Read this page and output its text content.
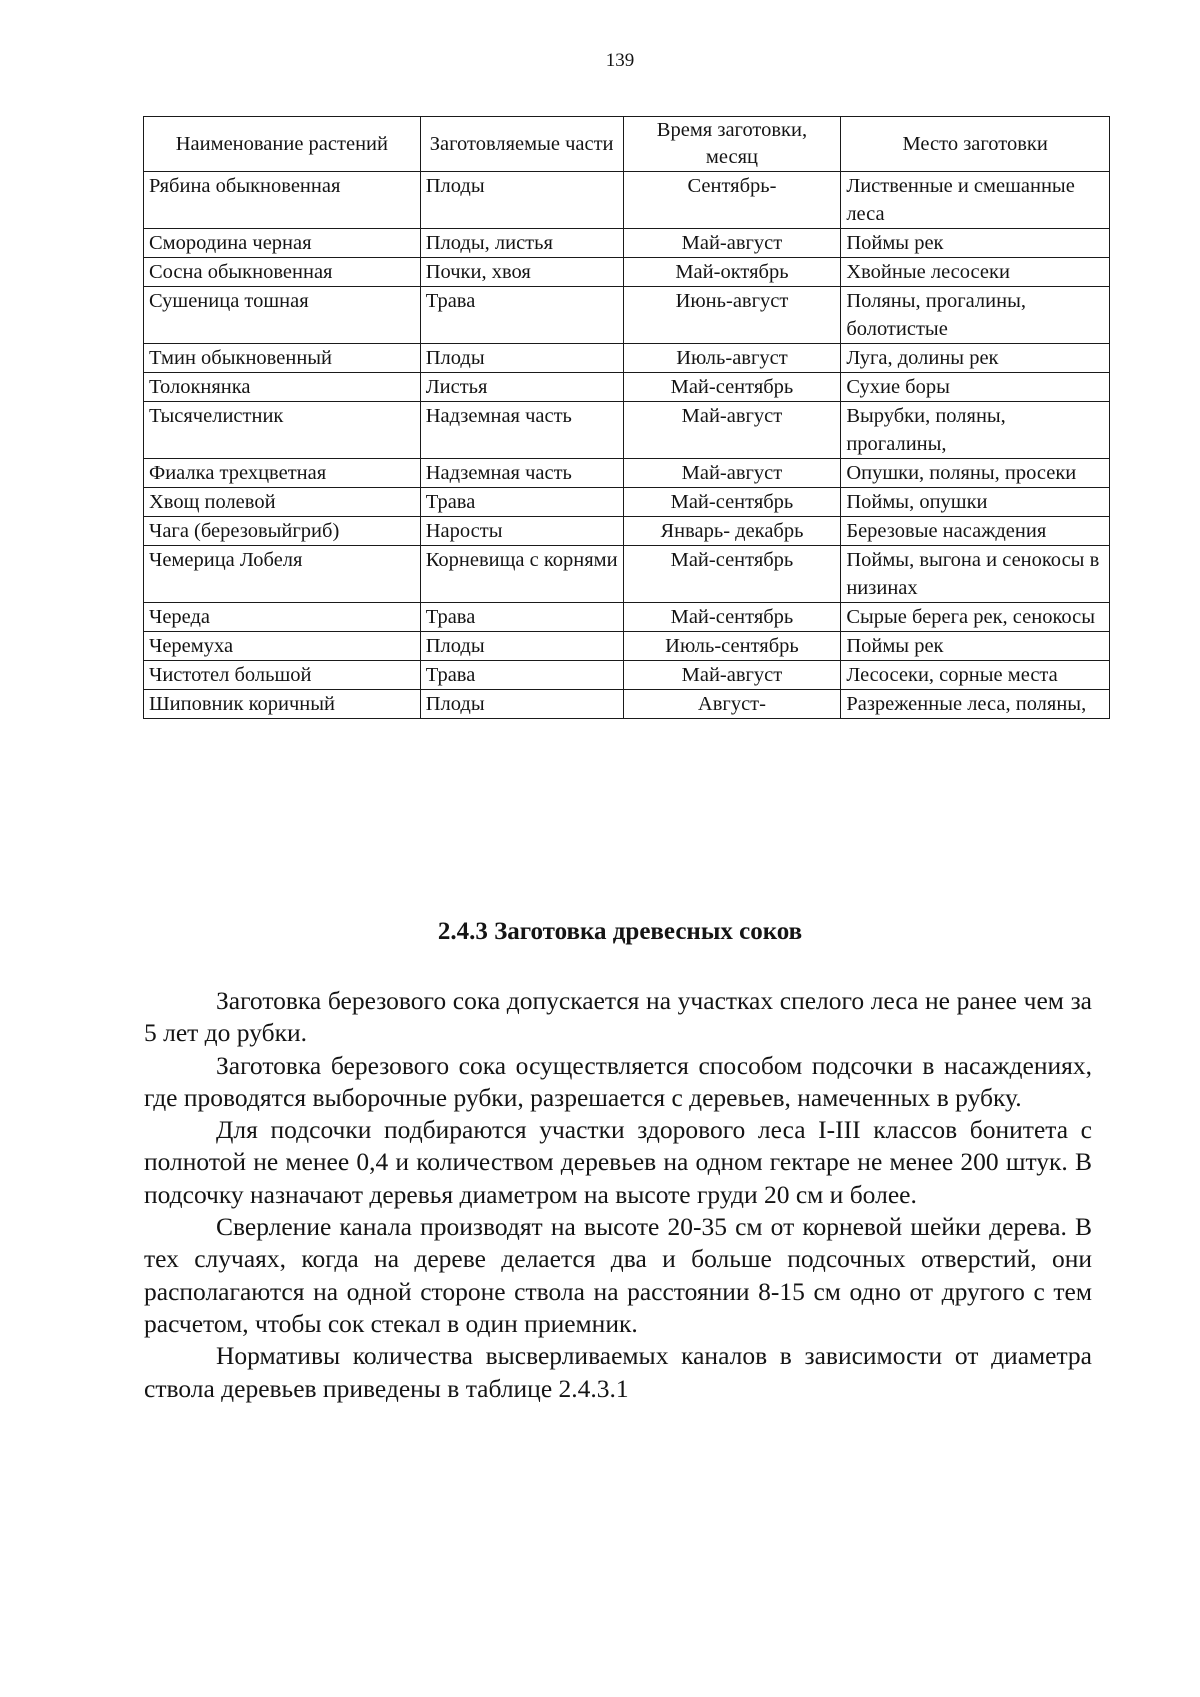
139
Наименование растений	Заготовляемые части	Время заготовки, месяц	Место заготовки
Рябина обыкновенная	Плоды	Сентябрь-	Лиственные и смешанные леса
Смородина черная	Плоды, листья	Май-август	Поймы рек
Сосна обыкновенная	Почки, хвоя	Май-октябрь	Хвойные лесосеки
Сушеница тошная	Трава	Июнь-август	Поляны, прогалины, болотистые
Тмин обыкновенный	Плоды	Июль-август	Луга, долины рек
Толокнянка	Листья	Май-сентябрь	Сухие боры
Тысячелистник	Надземная часть	Май-август	Вырубки, поляны, прогалины,
Фиалка трехцветная	Надземная часть	Май-август	Опушки, поляны, просеки
Хвощ полевой	Трава	Май-сентябрь	Поймы, опушки
Чага (березовыйгриб)	Наросты	Январь- декабрь	Березовые насаждения
Чемерица Лобеля	Корневища с корнями	Май-сентябрь	Поймы, выгона и сенокосы в низинах
Череда	Трава	Май-сентябрь	Сырые берега рек, сенокосы
Черемуха	Плоды	Июль-сентябрь	Поймы рек
Чистотел большой	Трава	Май-август	Лесосеки, сорные места
Шиповник коричный	Плоды	Август-	Разреженные леса, поляны,
2.4.3 Заготовка древесных соков

Заготовка березового сока допускается на участках спелого леса не ранее чем за 5 лет до рубки.

Заготовка березового сока осуществляется способом подсочки в насаждениях, где проводятся выборочные рубки, разрешается с деревьев, намеченных в рубку.

Для подсочки подбираются участки здорового леса I-III классов бонитета с полнотой не менее 0,4 и количеством деревьев на одном гектаре не менее 200 штук. В подсочку назначают деревья диаметром на высоте груди 20 см и более.

Сверление канала производят на высоте 20-35 см от корневой шейки дерева. В тех случаях, когда на дереве делается два и больше подсочных отверстий, они располагаются на одной стороне ствола на расстоянии 8-15 см одно от другого с тем расчетом, чтобы сок стекал в один приемник.

Нормативы количества высверливаемых каналов в зависимости от диаметра ствола деревьев приведены в таблице 2.4.3.1
